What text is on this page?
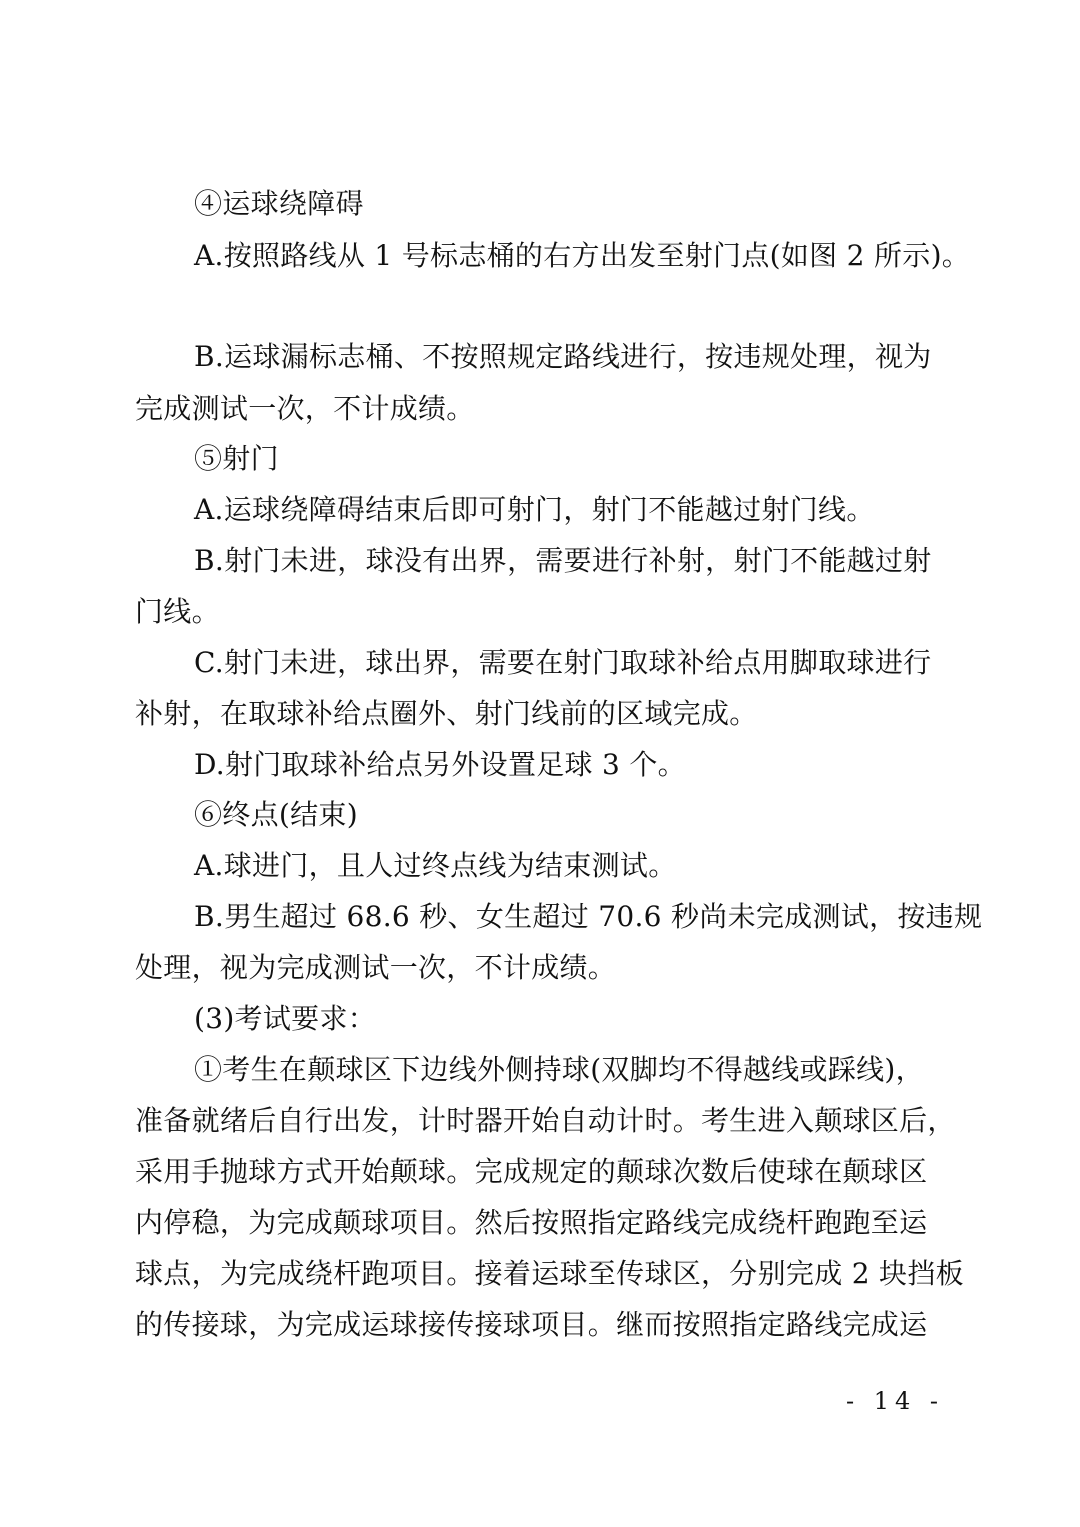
④运球绕障碍
A.按照路线从 1 号标志桶的右方出发至射门点(如图 2 所示)。
B.运球漏标志桶、不按照规定路线进行，按违规处理，视为
完成测试一次，不计成绩。
⑤射门
A.运球绕障碍结束后即可射门，射门不能越过射门线。
B.射门未进，球没有出界，需要进行补射，射门不能越过射
门线。
C.射门未进，球出界，需要在射门取球补给点用脚取球进行
补射，在取球补给点圈外、射门线前的区域完成。
D.射门取球补给点另外设置足球 3 个。
⑥终点(结束)
A.球进门，且人过终点线为结束测试。
B.男生超过 68.6 秒、女生超过 70.6 秒尚未完成测试，按违规
处理，视为完成测试一次，不计成绩。
(3)考试要求：
①考生在颠球区下边线外侧持球(双脚均不得越线或踩线)，
准备就绪后自行出发，计时器开始自动计时。考生进入颠球区后，
采用手抛球方式开始颠球。完成规定的颠球次数后使球在颠球区
内停稳，为完成颠球项目。然后按照指定路线完成绕杆跑跑至运
球点，为完成绕杆跑项目。接着运球至传球区，分别完成 2 块挡板
的传接球，为完成运球接传接球项目。继而按照指定路线完成运
- 14 -
